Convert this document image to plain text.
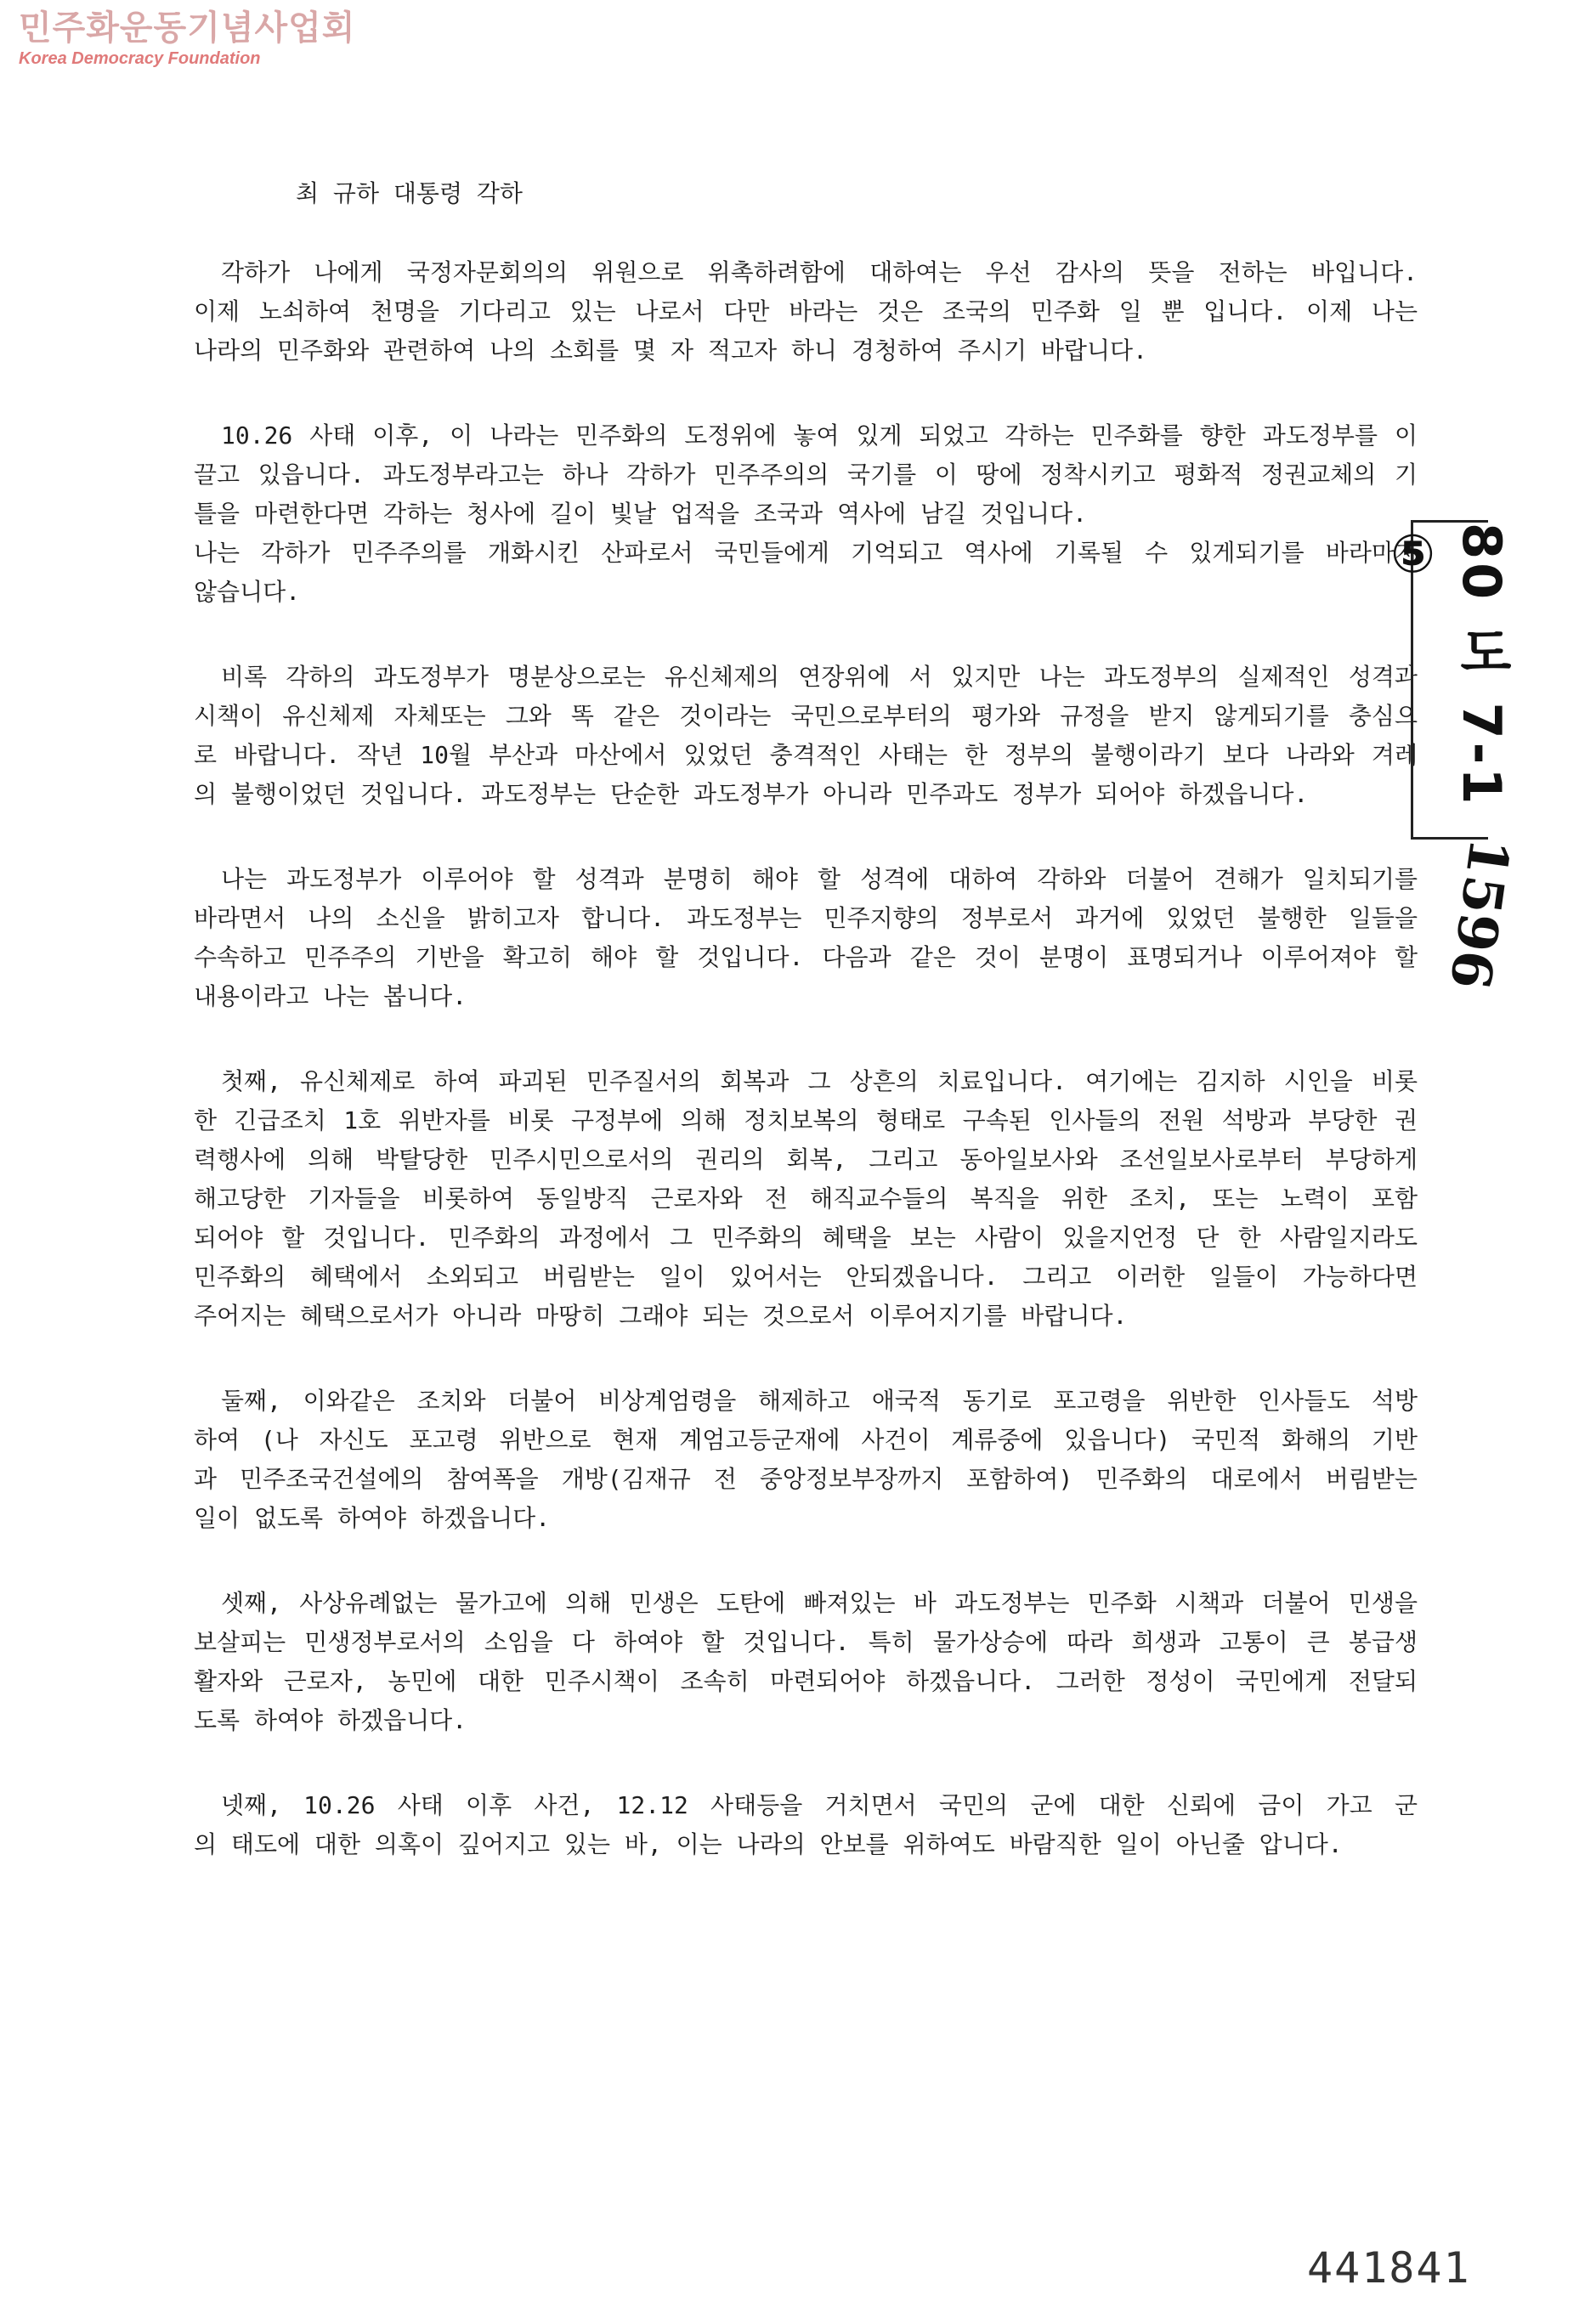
민주화운동기념사업회
Korea Democracy Foundation
최 규하 대통령 각하
각하가 나에게 국정자문회의의 위원으로 위촉하려함에 대하여는 우선 감사의 뜻을 전하는 바입니다.
이제 노쇠하여 천명을 기다리고 있는 나로서 다만 바라는 것은 조국의 민주화 일 뿐 입니다. 이제 나는
나라의 민주화와 관련하여 나의 소회를 몇 자 적고자 하니 경청하여 주시기 바랍니다.
10.26 사태 이후, 이 나라는 민주화의 도정위에 놓여 있게 되었고 각하는 민주화를 향한 과도정부를 이
끌고 있읍니다. 과도정부라고는 하나 각하가 민주주의의 국기를 이 땅에 정착시키고 평화적 정권교체의 기
틀을 마련한다면 각하는 청사에 길이 빛날 업적을 조국과 역사에 남길 것입니다.
나는 각하가 민주주의를 개화시킨 산파로서 국민들에게 기억되고 역사에 기록될 수 있게되기를 바라마지
않습니다.
비록 각하의 과도정부가 명분상으로는 유신체제의 연장위에 서 있지만 나는 과도정부의 실제적인 성격과
시책이 유신체제 자체또는 그와 똑 같은 것이라는 국민으로부터의 평가와 규정을 받지 않게되기를 충심으
로 바랍니다. 작년 10월 부산과 마산에서 있었던 충격적인 사태는 한 정부의 불행이라기 보다 나라와 겨레
의 불행이었던 것입니다. 과도정부는 단순한 과도정부가 아니라 민주과도 정부가 되어야 하겠읍니다.
나는 과도정부가 이루어야 할 성격과 분명히 해야 할 성격에 대하여 각하와 더불어 견해가 일치되기를
바라면서 나의 소신을 밝히고자 합니다. 과도정부는 민주지향의 정부로서 과거에 있었던 불행한 일들을
수속하고 민주주의 기반을 확고히 해야 할 것입니다. 다음과 같은 것이 분명이 표명되거나 이루어져야 할
내용이라고 나는 봅니다.
첫째, 유신체제로 하여 파괴된 민주질서의 회복과 그 상흔의 치료입니다. 여기에는 김지하 시인을 비롯
한 긴급조치 1호 위반자를 비롯 구정부에 의해 정치보복의 형태로 구속된 인사들의 전원 석방과 부당한 권
력행사에 의해 박탈당한 민주시민으로서의 권리의 회복, 그리고 동아일보사와 조선일보사로부터 부당하게
해고당한 기자들을 비롯하여 동일방직 근로자와 전 해직교수들의 복직을 위한 조치, 또는 노력이 포함
되어야 할 것입니다. 민주화의 과정에서 그 민주화의 혜택을 보는 사람이 있을지언정 단 한 사람일지라도
민주화의 혜택에서 소외되고 버림받는 일이 있어서는 안되겠읍니다. 그리고 이러한 일들이 가능하다면
주어지는 혜택으로서가 아니라 마땅히 그래야 되는 것으로서 이루어지기를 바랍니다.
둘째, 이와같은 조치와 더불어 비상계엄령을 해제하고 애국적 동기로 포고령을 위반한 인사들도 석방
하여 (나 자신도 포고령 위반으로 현재 계엄고등군재에 사건이 계류중에 있읍니다) 국민적 화해의 기반
과 민주조국건설에의 참여폭을 개방(김재규 전 중앙정보부장까지 포함하여) 민주화의 대로에서 버림받는
일이 없도록 하여야 하겠읍니다.
셋째, 사상유례없는 물가고에 의해 민생은 도탄에 빠져있는 바 과도정부는 민주화 시책과 더불어 민생을
보살피는 민생정부로서의 소임을 다 하여야 할 것입니다. 특히 물가상승에 따라 희생과 고통이 큰 봉급생
활자와 근로자, 농민에 대한 민주시책이 조속히 마련되어야 하겠읍니다. 그러한 정성이 국민에게 전달되
도록 하여야 하겠읍니다.
넷째, 10.26 사태 이후 사건, 12.12 사태등을 거치면서 국민의 군에 대한 신뢰에 금이 가고 군
의 태도에 대한 의혹이 깊어지고 있는 바, 이는 나라의 안보를 위하여도 바람직한 일이 아닌줄 압니다.
80 도 7-1 ⑤
1596
441841
